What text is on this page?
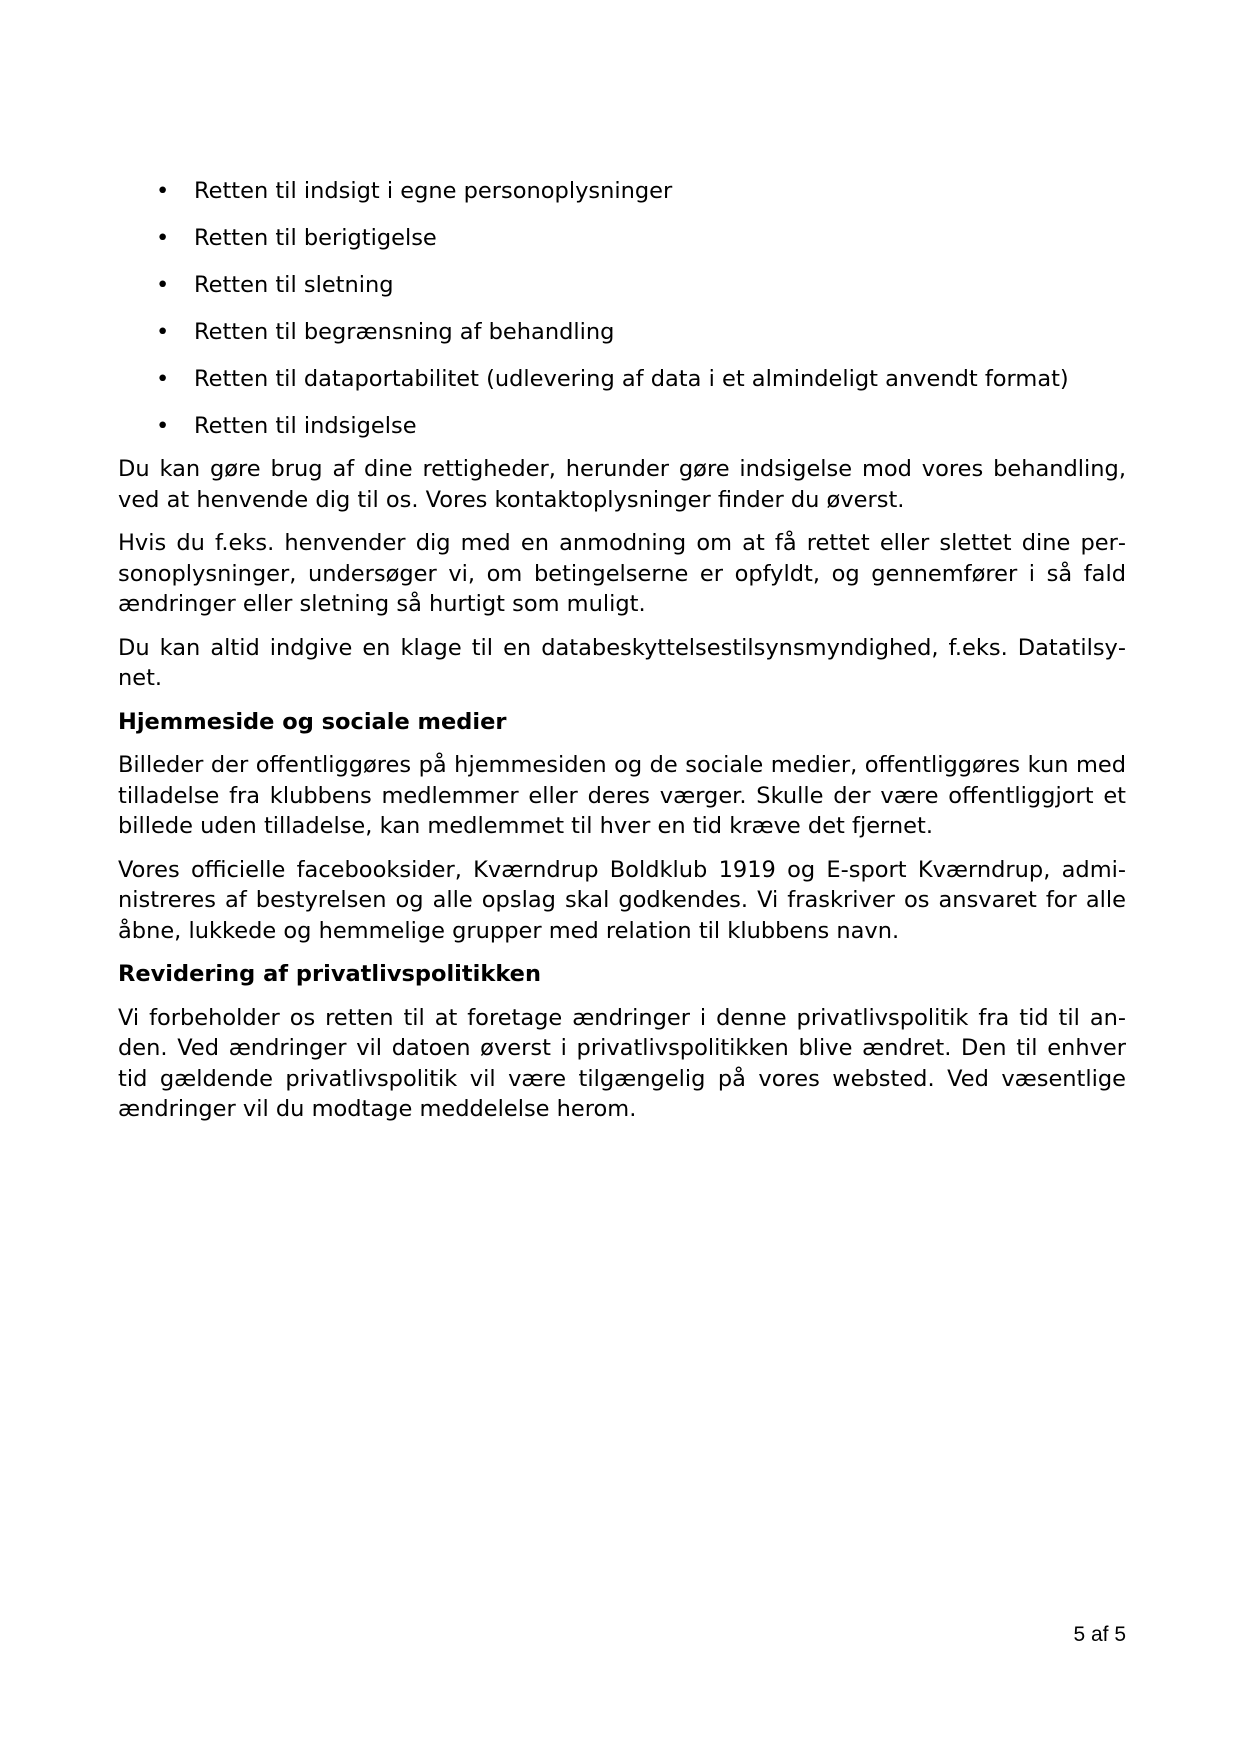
• Retten til indsigt i egne personoplysninger
• Retten til berigtigelse
• Retten til sletning
• Retten til begrænsning af behandling
• Retten til dataportabilitet (udlevering af data i et almindeligt anvendt format)
• Retten til indsigelse

Du kan gøre brug af dine rettigheder, herunder gøre indsigelse mod vores behandling, ved at henvende dig til os. Vores kontaktoplysninger finder du øverst.

Hvis du f.eks. henvender dig med en anmodning om at få rettet eller slettet dine personoplysninger, undersøger vi, om betingelserne er opfyldt, og gennemfører i så fald ændringer eller sletning så hurtigt som muligt.

Du kan altid indgive en klage til en databeskyttelsestilsynsmyndighed, f.eks. Datatilsynet.

Hjemmeside og sociale medier

Billeder der offentliggøres på hjemmesiden og de sociale medier, offentliggøres kun med tilladelse fra klubbens medlemmer eller deres værger. Skulle der være offentliggjort et billede uden tilladelse, kan medlemmet til hver en tid kræve det fjernet.

Vores officielle facebooksider, Kværndrup Boldklub 1919 og E-sport Kværndrup, administreres af bestyrelsen og alle opslag skal godkendes. Vi fraskriver os ansvaret for alle åbne, lukkede og hemmelige grupper med relation til klubbens navn.

Revidering af privatlivspolitikken

Vi forbeholder os retten til at foretage ændringer i denne privatlivspolitik fra tid til anden. Ved ændringer vil datoen øverst i privatlivspolitikken blive ændret. Den til enhver tid gældende privatlivspolitik vil være tilgængelig på vores websted. Ved væsentlige ændringer vil du modtage meddelelse herom.

5 af 5
